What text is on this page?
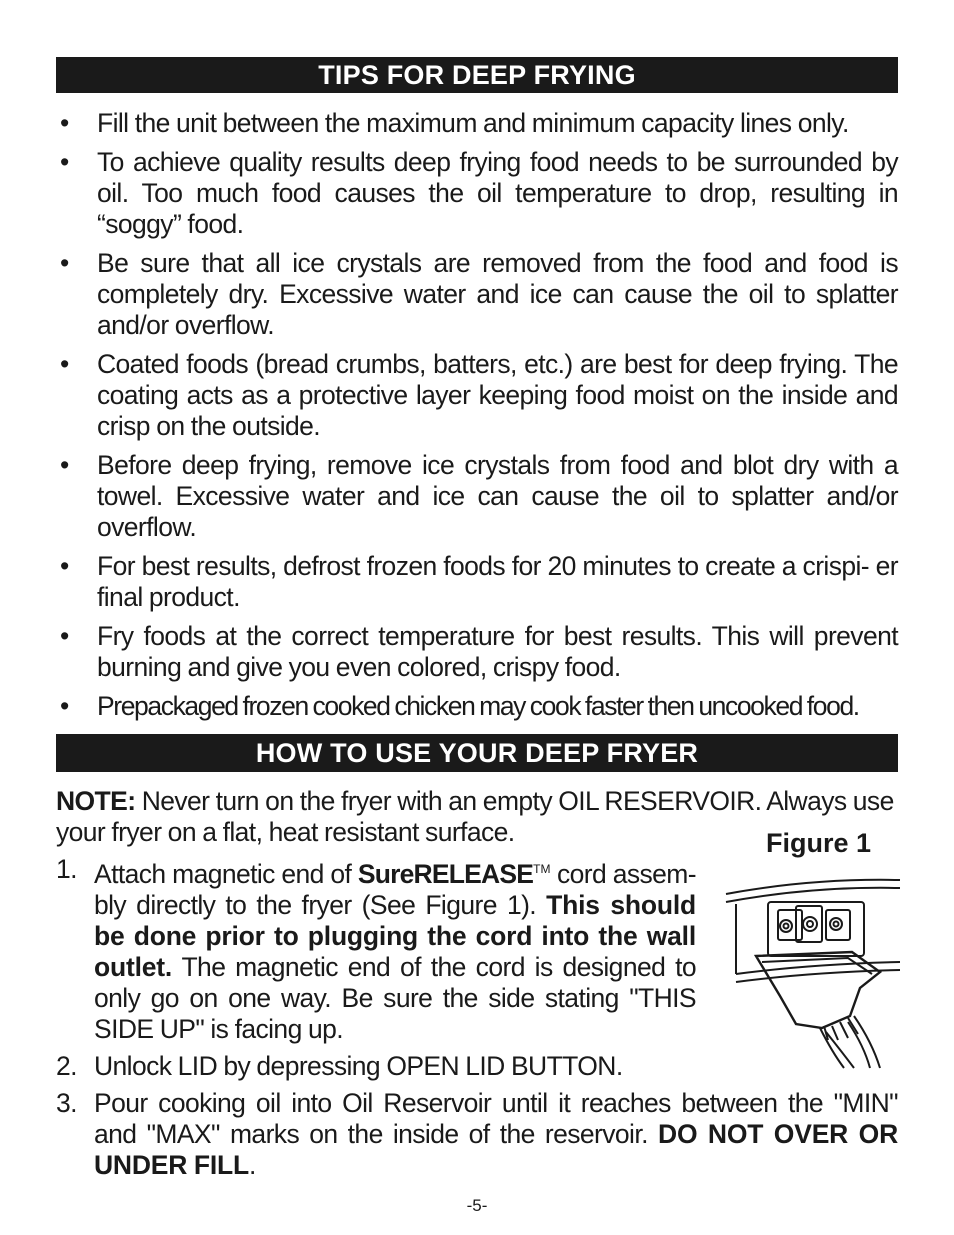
TIPS FOR DEEP FRYING
• Fill the unit between the maximum and minimum capacity lines only.
• To achieve quality results deep frying food needs to be surrounded by oil. Too much food causes the oil temperature to drop, resulting in “soggy” food.
• Be sure that all ice crystals are removed from the food and food is completely dry. Excessive water and ice can cause the oil to splatter and/or overflow.
• Coated foods (bread crumbs, batters, etc.) are best for deep frying. The coating acts as a protective layer keeping food moist on the inside and crisp on the outside.
• Before deep frying, remove ice crystals from food and blot dry with a towel. Excessive water and ice can cause the oil to splatter and/or overflow.
• For best results, defrost frozen foods for 20 minutes to create a crispi- er final product.
• Fry foods at the correct temperature for best results. This will prevent burning and give you even colored, crispy food.
• Prepackaged frozen cooked chicken may cook faster then uncooked food.
HOW TO USE YOUR DEEP FRYER
NOTE: Never turn on the fryer with an empty OIL RESERVOIR. Always use your fryer on a flat, heat resistant surface.	Figure 1
1. Attach magnetic end of SureRELEASE™ cord assem- bly directly to the fryer (See Figure 1). This should be done prior to plugging the cord into the wall outlet. The magnetic end of the cord is designed to only go on one way. Be sure the side stating "THIS SIDE UP" is facing up.
2. Unlock LID by depressing OPEN LID BUTTON.
3. Pour cooking oil into Oil Reservoir until it reaches between the "MIN" and "MAX" marks on the inside of the reservoir. DO NOT OVER OR UNDER FILL.
-5-
